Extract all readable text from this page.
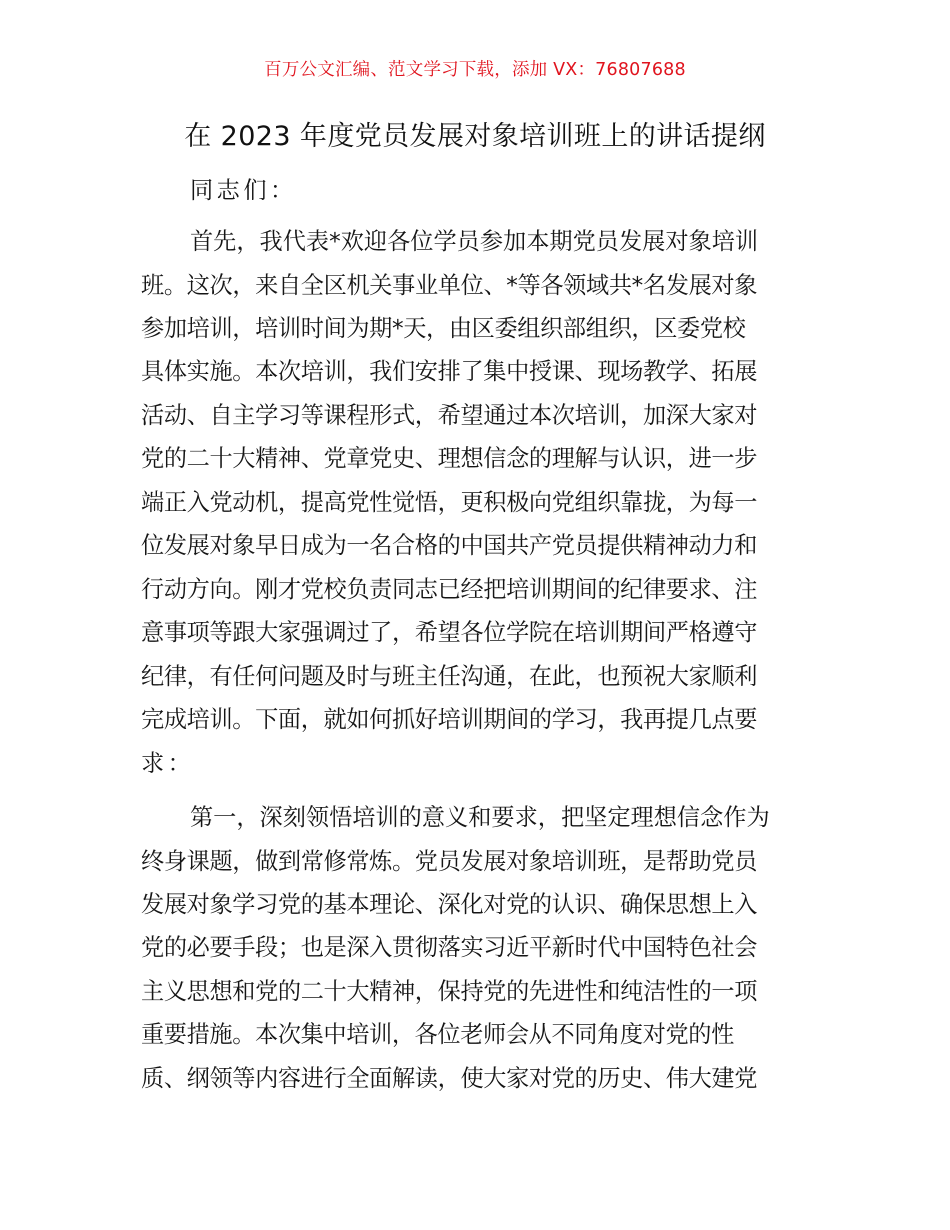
百万公文汇编、范文学习下载，添加 VX：76807688
在 2023 年度党员发展对象培训班上的讲话提纲
同志们：
首先，我代表*欢迎各位学员参加本期党员发展对象培训
班。这次，来自全区机关事业单位、*等各领域共*名发展对象
参加培训，培训时间为期*天，由区委组织部组织，区委党校
具体实施。本次培训，我们安排了集中授课、现场教学、拓展
活动、自主学习等课程形式，希望通过本次培训，加深大家对
党的二十大精神、党章党史、理想信念的理解与认识，进一步
端正入党动机，提高党性觉悟，更积极向党组织靠拢，为每一
位发展对象早日成为一名合格的中国共产党员提供精神动力和
行动方向。刚才党校负责同志已经把培训期间的纪律要求、注
意事项等跟大家强调过了，希望各位学院在培训期间严格遵守
纪律，有任何问题及时与班主任沟通，在此，也预祝大家顺利
完成培训。下面，就如何抓好培训期间的学习，我再提几点要
求：
第一，深刻领悟培训的意义和要求，把坚定理想信念作为
终身课题，做到常修常炼。党员发展对象培训班，是帮助党员
发展对象学习党的基本理论、深化对党的认识、确保思想上入
党的必要手段；也是深入贯彻落实习近平新时代中国特色社会
主义思想和党的二十大精神，保持党的先进性和纯洁性的一项
重要措施。本次集中培训，各位老师会从不同角度对党的性
质、纲领等内容进行全面解读，使大家对党的历史、伟大建党
